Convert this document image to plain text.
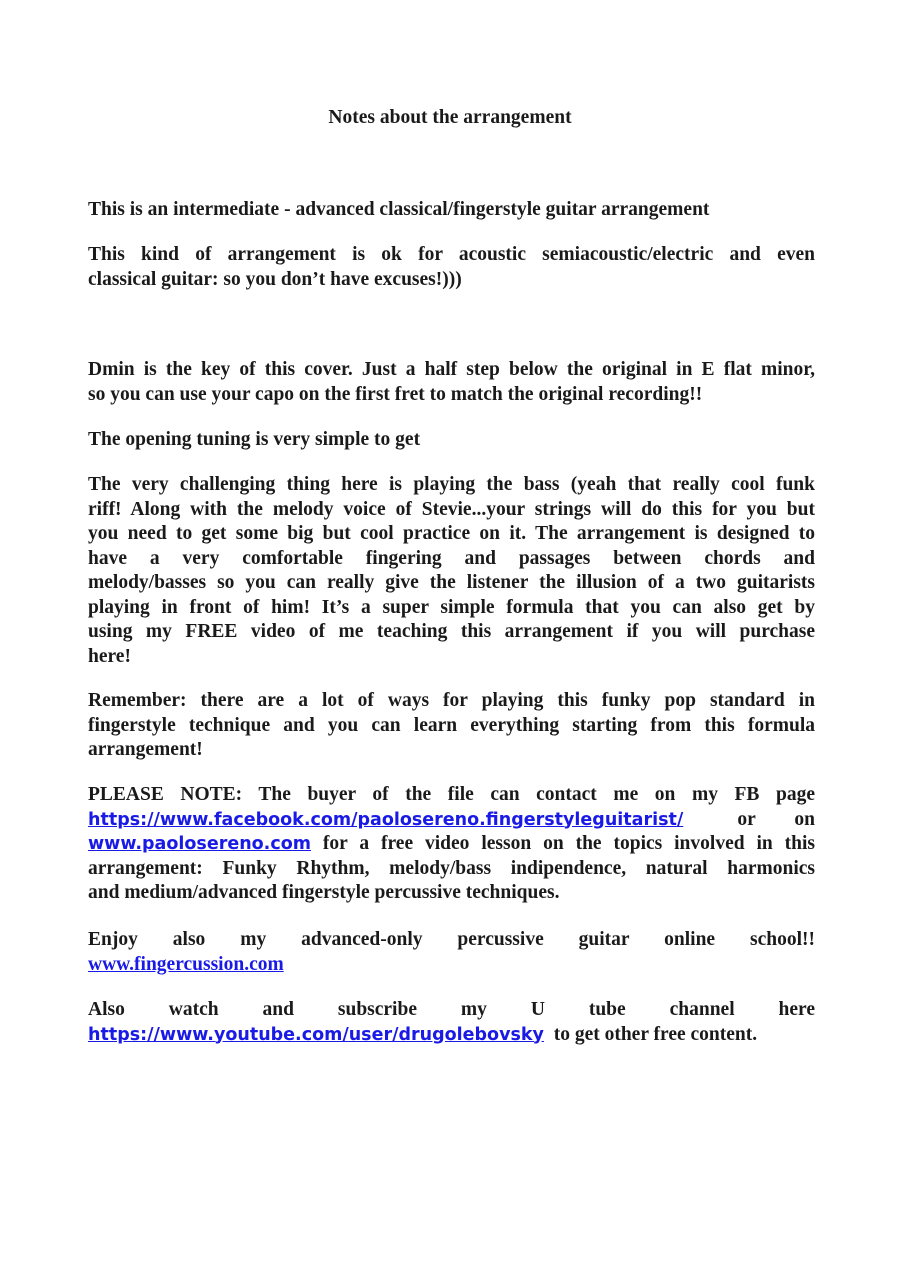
Notes about the arrangement

This is an intermediate - advanced classical/fingerstyle guitar arrangement

This kind of arrangement is ok for acoustic semiacoustic/electric and even
classical guitar: so you don’t have excuses!)))

Dmin is the key of this cover. Just a half step below the original in E flat minor,
so you can use your capo on the first fret to match the original recording!!

The opening tuning is very simple to get

The very challenging thing here is playing the bass (yeah that really cool funk
riff! Along with the melody voice of Stevie...your strings will do this for you but
you need to get some big but cool practice on it. The arrangement is designed to
have a very comfortable fingering and passages between chords and
melody/basses so you can really give the listener the illusion of a two guitarists
playing in front of him! It’s a super simple formula that you can also get by
using my FREE video of me teaching this arrangement if you will purchase
here!

Remember: there are a lot of ways for playing this funky pop standard in
fingerstyle technique and you can learn everything starting from this formula
arrangement!

PLEASE NOTE: The buyer of the file can contact me on my FB page
https://www.facebook.com/paolosereno.fingerstyleguitarist/	or        on
www.paolosereno.com for a free video lesson on the topics involved in this
arrangement: Funky Rhythm, melody/bass indipendence, natural harmonics
and medium/advanced fingerstyle percussive techniques.

Enjoy also my advanced-only percussive guitar online school!!
www.fingercussion.com

Also watch and subscribe my U tube channel here
https://www.youtube.com/user/drugolebovsky  to get other free content.
